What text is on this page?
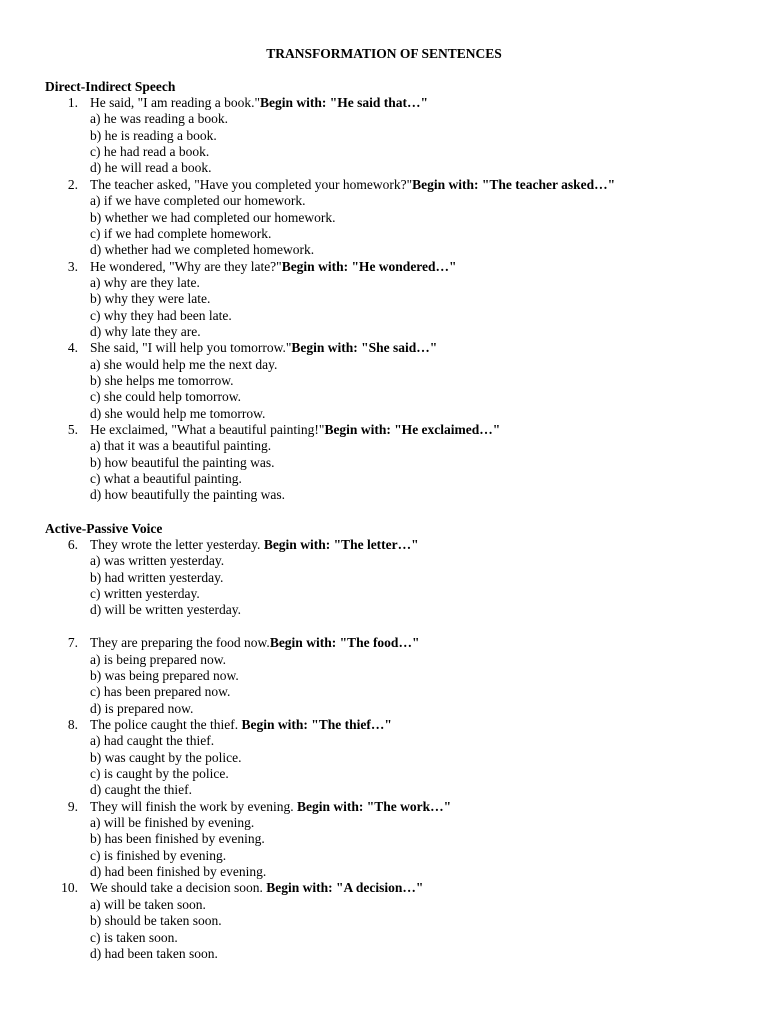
TRANSFORMATION OF SENTENCES
Direct-Indirect Speech
1. He said, "I am reading a book."Begin with: "He said that…"
a) he was reading a book.
b) he is reading a book.
c) he had read a book.
d) he will read a book.
2. The teacher asked, "Have you completed your homework?"Begin with: "The teacher asked…"
a) if we have completed our homework.
b) whether we had completed our homework.
c) if we had complete homework.
d) whether had we completed homework.
3. He wondered, "Why are they late?"Begin with: "He wondered…"
a) why are they late.
b) why they were late.
c) why they had been late.
d) why late they are.
4. She said, "I will help you tomorrow."Begin with: "She said…"
a) she would help me the next day.
b) she helps me tomorrow.
c) she could help tomorrow.
d) she would help me tomorrow.
5. He exclaimed, "What a beautiful painting!"Begin with: "He exclaimed…"
a) that it was a beautiful painting.
b) how beautiful the painting was.
c) what a beautiful painting.
d) how beautifully the painting was.
Active-Passive Voice
6. They wrote the letter yesterday. Begin with: "The letter…"
a) was written yesterday.
b) had written yesterday.
c) written yesterday.
d) will be written yesterday.
7. They are preparing the food now.Begin with: "The food…"
a) is being prepared now.
b) was being prepared now.
c) has been prepared now.
d) is prepared now.
8. The police caught the thief. Begin with: "The thief…"
a) had caught the thief.
b) was caught by the police.
c) is caught by the police.
d) caught the thief.
9. They will finish the work by evening. Begin with: "The work…"
a) will be finished by evening.
b) has been finished by evening.
c) is finished by evening.
d) had been finished by evening.
10. We should take a decision soon. Begin with: "A decision…"
a) will be taken soon.
b) should be taken soon.
c) is taken soon.
d) had been taken soon.
